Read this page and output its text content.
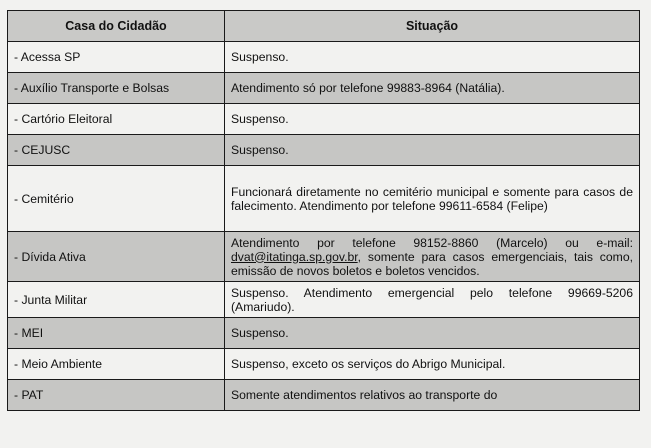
Casa do Cidadão	Situação
- Acessa SP	Suspenso.
- Auxílio Transporte e Bolsas	Atendimento só por telefone 99883-8964 (Natália).
- Cartório Eleitoral	Suspenso.
- CEJUSC	Suspenso.
- Cemitério	Funcionará diretamente no cemitério municipal e somente para casos de falecimento. Atendimento por telefone 99611-6584 (Felipe)
- Dívida Ativa	Atendimento por telefone 98152-8860 (Marcelo) ou e-mail: dvat@itatinga.sp.gov.br, somente para casos emergenciais, tais como, emissão de novos boletos e boletos vencidos.
- Junta Militar	Suspenso. Atendimento emergencial pelo telefone 99669-5206 (Amariudo).
- MEI	Suspenso.
- Meio Ambiente	Suspenso, exceto os serviços do Abrigo Municipal.
- PAT	Somente atendimentos relativos ao transporte do
